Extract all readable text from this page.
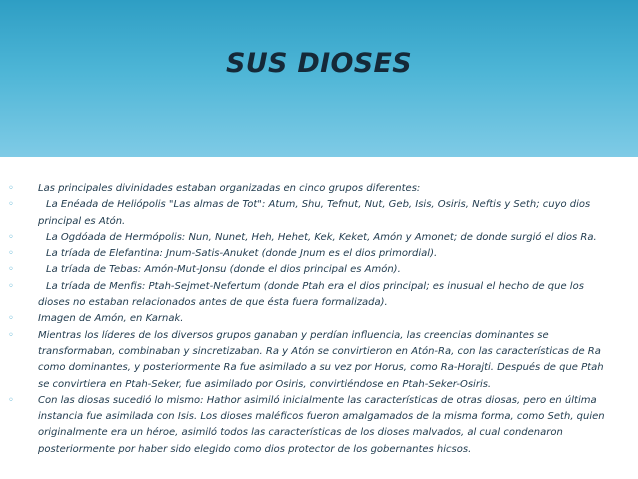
SUS DIOSES
◦	Las principales divinidades estaban organizadas en cinco grupos diferentes:
◦	La Enéada de Heliópolis "Las almas de Tot": Atum, Shu, Tefnut, Nut, Geb, Isis, Osiris, Neftis y Seth; cuyo dios principal es Atón.
◦	La Ogdóada de Hermópolis: Nun, Nunet, Heh, Hehet, Kek, Keket, Amón y Amonet; de donde surgió el dios Ra.
◦	La tríada de Elefantina: Jnum-Satis-Anuket (donde Jnum es el dios primordial).
◦	La tríada de Tebas: Amón-Mut-Jonsu (donde el dios principal es Amón).
◦	La tríada de Menfis: Ptah-Sejmet-Nefertum (donde Ptah era el dios principal; es inusual el hecho de que los dioses no estaban relacionados antes de que ésta fuera formalizada).
◦	Imagen de Amón, en Karnak.
◦	Mientras los líderes de los diversos grupos ganaban y perdían influencia, las creencias dominantes se transformaban, combinaban y sincretizaban. Ra y Atón se convirtieron en Atón-Ra, con las características de Ra como dominantes, y posteriormente Ra fue asimilado a su vez por Horus, como Ra-Horajti. Después de que Ptah se convirtiera en Ptah-Seker, fue asimilado por Osiris, convirtiéndose en Ptah-Seker-Osiris.
◦	Con las diosas sucedió lo mismo: Hathor asimiló inicialmente las características de otras diosas, pero en última instancia fue asimilada con Isis. Los dioses maléficos fueron amalgamados de la misma forma, como Seth, quien originalmente era un héroe, asimiló todos las características de los dioses malvados, al cual condenaron posteriormente por haber sido elegido como dios protector de los gobernantes hicsos.
